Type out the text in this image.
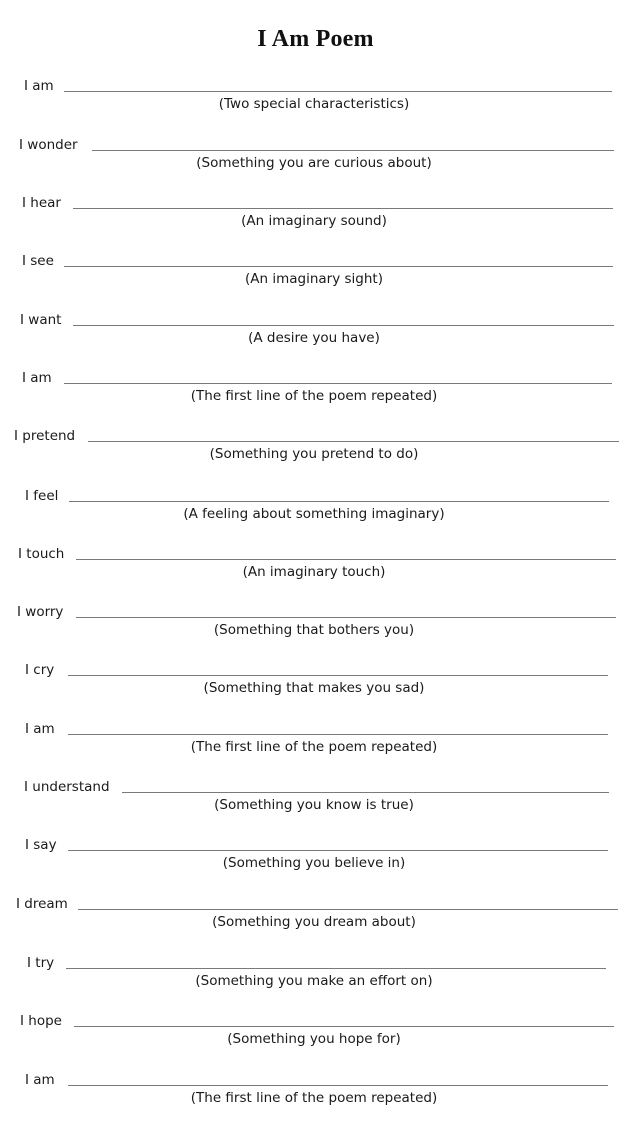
I Am Poem
I am
(Two special characteristics)
I wonder
(Something you are curious about)
I hear
(An imaginary sound)
I see
(An imaginary sight)
I want
(A desire you have)
I am
(The first line of the poem repeated)
I pretend
(Something you pretend to do)
I feel
(A feeling about something imaginary)
I touch
(An imaginary touch)
I worry
(Something that bothers you)
I cry
(Something that makes you sad)
I am
(The first line of the poem repeated)
I understand
(Something you know is true)
I say
(Something you believe in)
I dream
(Something you dream about)
I try
(Something you make an effort on)
I hope
(Something you hope for)
I am
(The first line of the poem repeated)
